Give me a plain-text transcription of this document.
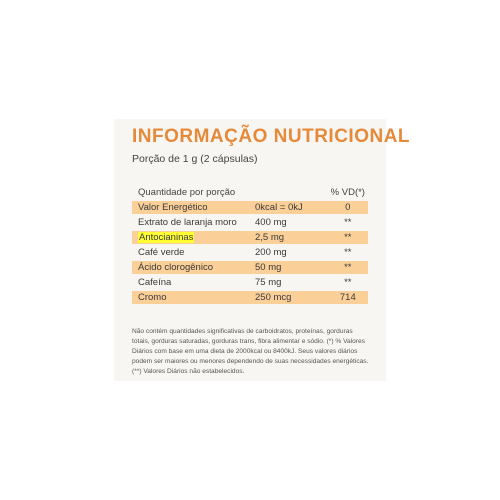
INFORMAÇÃO NUTRICIONAL
Porção de 1 g (2 cápsulas)
Quantidade por porção		% VD(*)
Valor Energético	0kcal = 0kJ	0
Extrato de laranja moro	400 mg	**
Antocianinas	2,5 mg	**
Café verde	200 mg	**
Ácido clorogênico	50 mg	**
Cafeína	75 mg	**
Cromo	250 mcg	714
Não contém quantidades significativas de carboidratos, proteínas, gorduras totais, gorduras saturadas, gorduras trans, fibra alimentar e sódio. (*) % Valores Diários com base em uma dieta de 2000kcal ou 8400kJ. Seus valores diários podem ser maiores ou menores dependendo de suas necessidades energéticas. (**) Valores Diários não estabelecidos.
